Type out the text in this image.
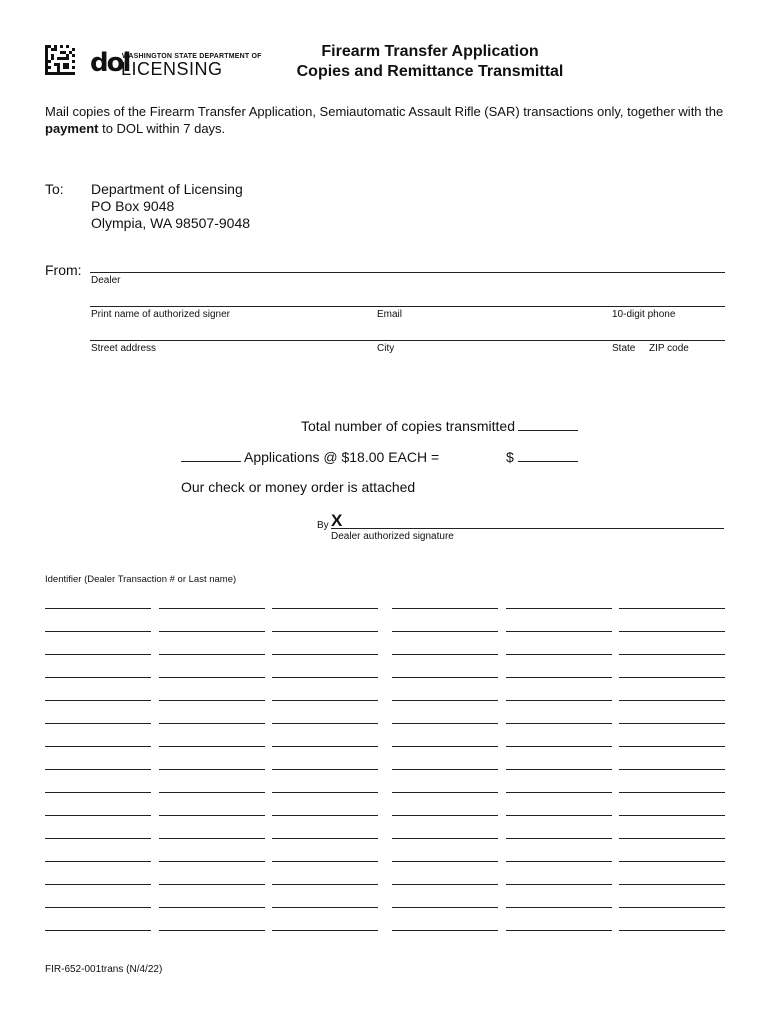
dol
WASHINGTON STATE DEPARTMENT OF
LICENSING
Firearm Transfer Application
Copies and Remittance Transmittal
Mail copies of the Firearm Transfer Application, Semiautomatic Assault Rifle (SAR) transactions only, together with the payment to DOL within 7 days.
To: Department of Licensing
PO Box 9048
Olympia, WA 98507-9048
From:
Dealer
Print name of authorized signer	Email	10-digit phone
Street address	City	State ZIP code
Total number of copies transmitted
Applications @ $18.00 EACH =	$
Our check or money order is attached
By X
Dealer authorized signature
Identifier (Dealer Transaction # or Last name)
FIR-652-001trans (N/4/22)
